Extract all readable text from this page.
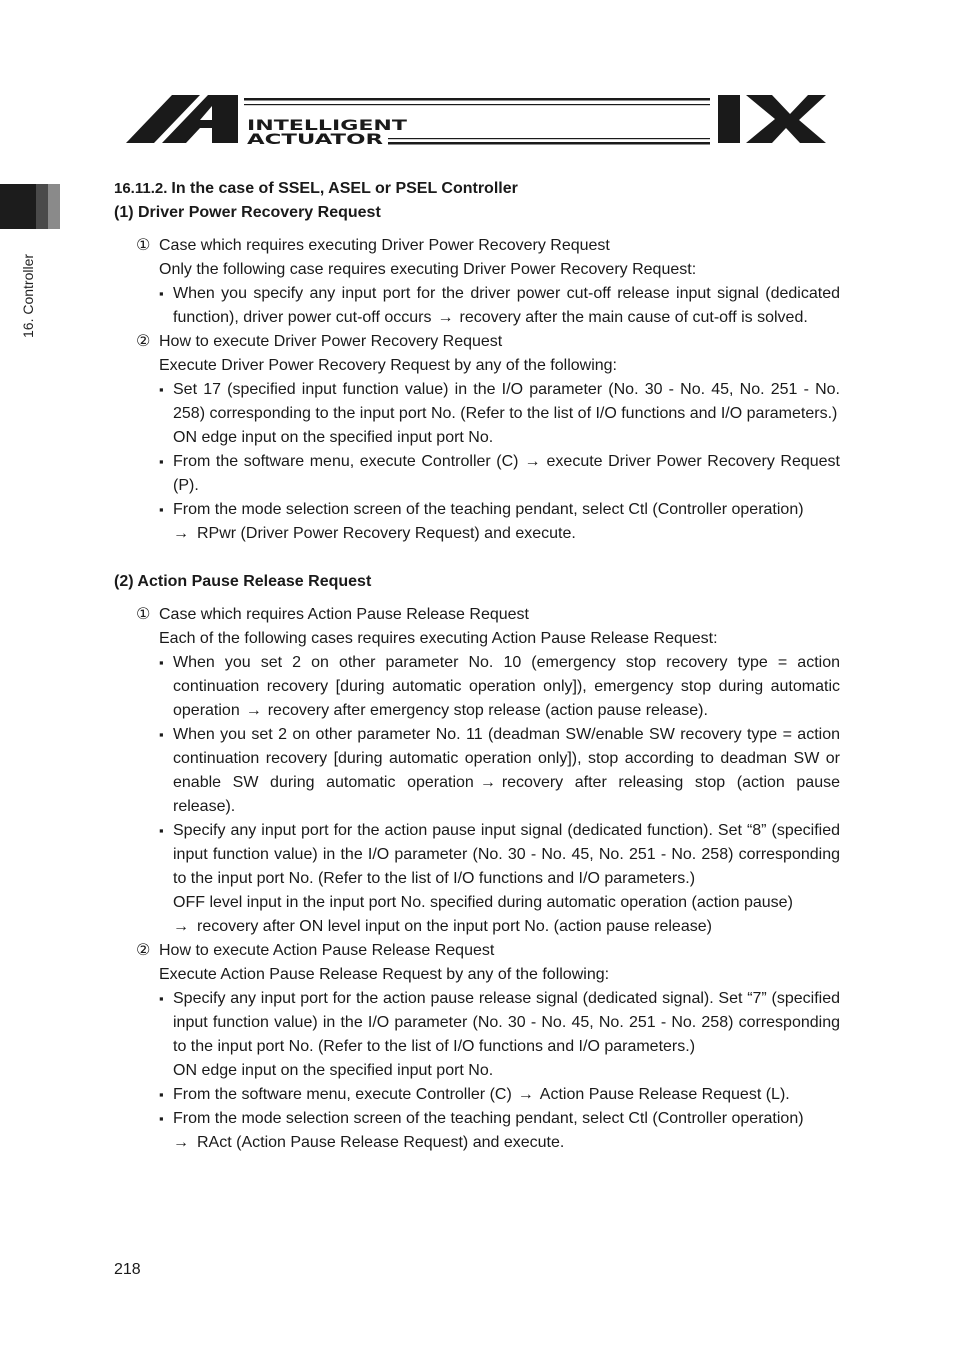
INTELLIGENT
ACTUATOR
IX
16. Controller
16.11.2. In the case of SSEL, ASEL or PSEL Controller
(1) Driver Power Recovery Request
① Case which requires executing Driver Power Recovery Request
Only the following case requires executing Driver Power Recovery Request:
▪ When you specify any input port for the driver power cut-off release input signal (dedicated function), driver power cut-off occurs → recovery after the main cause of cut-off is solved.
② How to execute Driver Power Recovery Request
Execute Driver Power Recovery Request by any of the following:
▪ Set 17 (specified input function value) in the I/O parameter (No. 30 - No. 45, No. 251 - No. 258) corresponding to the input port No. (Refer to the list of I/O functions and I/O parameters.)
ON edge input on the specified input port No.
▪ From the software menu, execute Controller (C) → execute Driver Power Recovery Request (P).
▪ From the mode selection screen of the teaching pendant, select Ctl (Controller operation)
→ RPwr (Driver Power Recovery Request) and execute.
(2) Action Pause Release Request
① Case which requires Action Pause Release Request
Each of the following cases requires executing Action Pause Release Request:
▪ When you set 2 on other parameter No. 10 (emergency stop recovery type = action continuation recovery [during automatic operation only]), emergency stop during automatic operation → recovery after emergency stop release (action pause release).
▪ When you set 2 on other parameter No. 11 (deadman SW/enable SW recovery type = action continuation recovery [during automatic operation only]), stop according to deadman SW or enable SW during automatic operation → recovery after releasing stop (action pause release).
▪ Specify any input port for the action pause input signal (dedicated function). Set “8” (specified input function value) in the I/O parameter (No. 30 - No. 45, No. 251 - No. 258) corresponding to the input port No. (Refer to the list of I/O functions and I/O parameters.)
OFF level input in the input port No. specified during automatic operation (action pause)
→ recovery after ON level input on the input port No. (action pause release)
② How to execute Action Pause Release Request
Execute Action Pause Release Request by any of the following:
▪ Specify any input port for the action pause release signal (dedicated signal). Set “7” (specified input function value) in the I/O parameter (No. 30 - No. 45, No. 251 - No. 258) corresponding to the input port No. (Refer to the list of I/O functions and I/O parameters.)
ON edge input on the specified input port No.
▪ From the software menu, execute Controller (C) → Action Pause Release Request (L).
▪ From the mode selection screen of the teaching pendant, select Ctl (Controller operation)
→ RAct (Action Pause Release Request) and execute.
218
